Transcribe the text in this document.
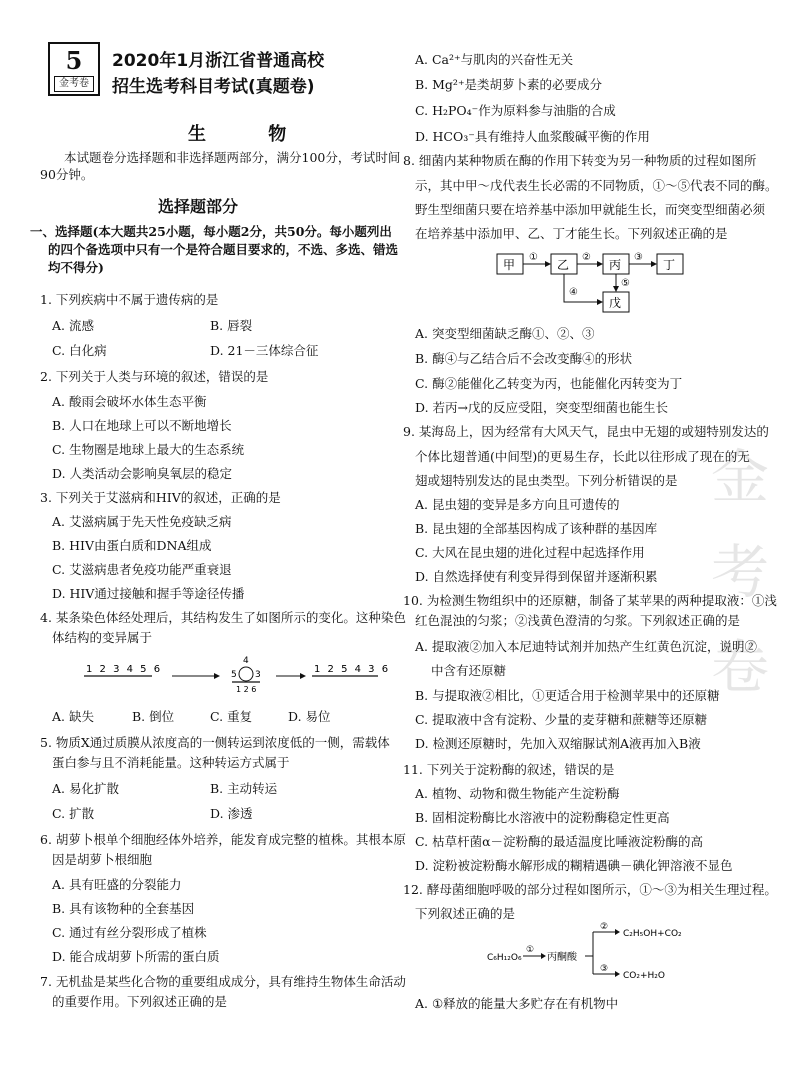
金考卷
5
金考卷
2020年1月浙江省普通高校
招生选考科目考试(真题卷)
生 物
本试题卷分选择题和非选择题两部分，满分100分，考试时间
90分钟。
选择题部分
一、选择题(本大题共25小题，每小题2分，共50分。每小题列出
的四个备选项中只有一个是符合题目要求的，不选、多选、错选
均不得分)
1. 下列疾病中不属于遗传病的是
A. 流感	B. 唇裂
C. 白化病	D. 21－三体综合征
2. 下列关于人类与环境的叙述，错误的是
A. 酸雨会破坏水体生态平衡
B. 人口在地球上可以不断地增长
C. 生物圈是地球上最大的生态系统
D. 人类活动会影响臭氧层的稳定
3. 下列关于艾滋病和HIV的叙述，正确的是
A. 艾滋病属于先天性免疫缺乏病
B. HIV由蛋白质和DNA组成
C. 艾滋病患者免疫功能严重衰退
D. HIV通过接触和握手等途径传播
4. 某条染色体经处理后，其结构发生了如图所示的变化。这种染色
体结构的变异属于
1 2 3 4 5 6
4
5 3
1 2 6
1 2 5 4 3 6
A. 缺失	B. 倒位	C. 重复	D. 易位
5. 物质X通过质膜从浓度高的一侧转运到浓度低的一侧，需载体
蛋白参与且不消耗能量。这种转运方式属于
A. 易化扩散	B. 主动转运
C. 扩散	D. 渗透
6. 胡萝卜根单个细胞经体外培养，能发育成完整的植株。其根本原
因是胡萝卜根细胞
A. 具有旺盛的分裂能力
B. 具有该物种的全套基因
C. 通过有丝分裂形成了植株
D. 能合成胡萝卜所需的蛋白质
7. 无机盐是某些化合物的重要组成成分，具有维持生物体生命活动
的重要作用。下列叙述正确的是
A. Ca²⁺与肌肉的兴奋性无关
B. Mg²⁺是类胡萝卜素的必要成分
C. H₂PO₄⁻作为原料参与油脂的合成
D. HCO₃⁻具有维持人血浆酸碱平衡的作用
8. 细菌内某种物质在酶的作用下转变为另一种物质的过程如图所
示，其中甲～戊代表生长必需的不同物质，①～⑤代表不同的酶。
野生型细菌只要在培养基中添加甲就能生长，而突变型细菌必须
在培养基中添加甲、乙、丁才能生长。下列叙述正确的是
甲
①
乙
②
丙
③
丁
④
⑤
戊
A. 突变型细菌缺乏酶①、②、③
B. 酶④与乙结合后不会改变酶④的形状
C. 酶②能催化乙转变为丙，也能催化丙转变为丁
D. 若丙→戊的反应受阻，突变型细菌也能生长
9. 某海岛上，因为经常有大风天气，昆虫中无翅的或翅特别发达的
个体比翅普通(中间型)的更易生存，长此以往形成了现在的无
翅或翅特别发达的昆虫类型。下列分析错误的是
A. 昆虫翅的变异是多方向且可遗传的
B. 昆虫翅的全部基因构成了该种群的基因库
C. 大风在昆虫翅的进化过程中起选择作用
D. 自然选择使有利变异得到保留并逐渐积累
10. 为检测生物组织中的还原糖，制备了某苹果的两种提取液：①浅
红色混浊的匀浆；②浅黄色澄清的匀浆。下列叙述正确的是
A. 提取液②加入本尼迪特试剂并加热产生红黄色沉淀，说明②
中含有还原糖
B. 与提取液②相比，①更适合用于检测苹果中的还原糖
C. 提取液中含有淀粉、少量的麦芽糖和蔗糖等还原糖
D. 检测还原糖时，先加入双缩脲试剂A液再加入B液
11. 下列关于淀粉酶的叙述，错误的是
A. 植物、动物和微生物能产生淀粉酶
B. 固相淀粉酶比水溶液中的淀粉酶稳定性更高
C. 枯草杆菌α－淀粉酶的最适温度比唾液淀粉酶的高
D. 淀粉被淀粉酶水解形成的糊精遇碘－碘化钾溶液不显色
12. 酵母菌细胞呼吸的部分过程如图所示，①～③为相关生理过程。
下列叙述正确的是
C₆H₁₂O₆
①
丙酮酸
②
C₂H₅OH+CO₂
③
CO₂+H₂O
A. ①释放的能量大多贮存在有机物中
